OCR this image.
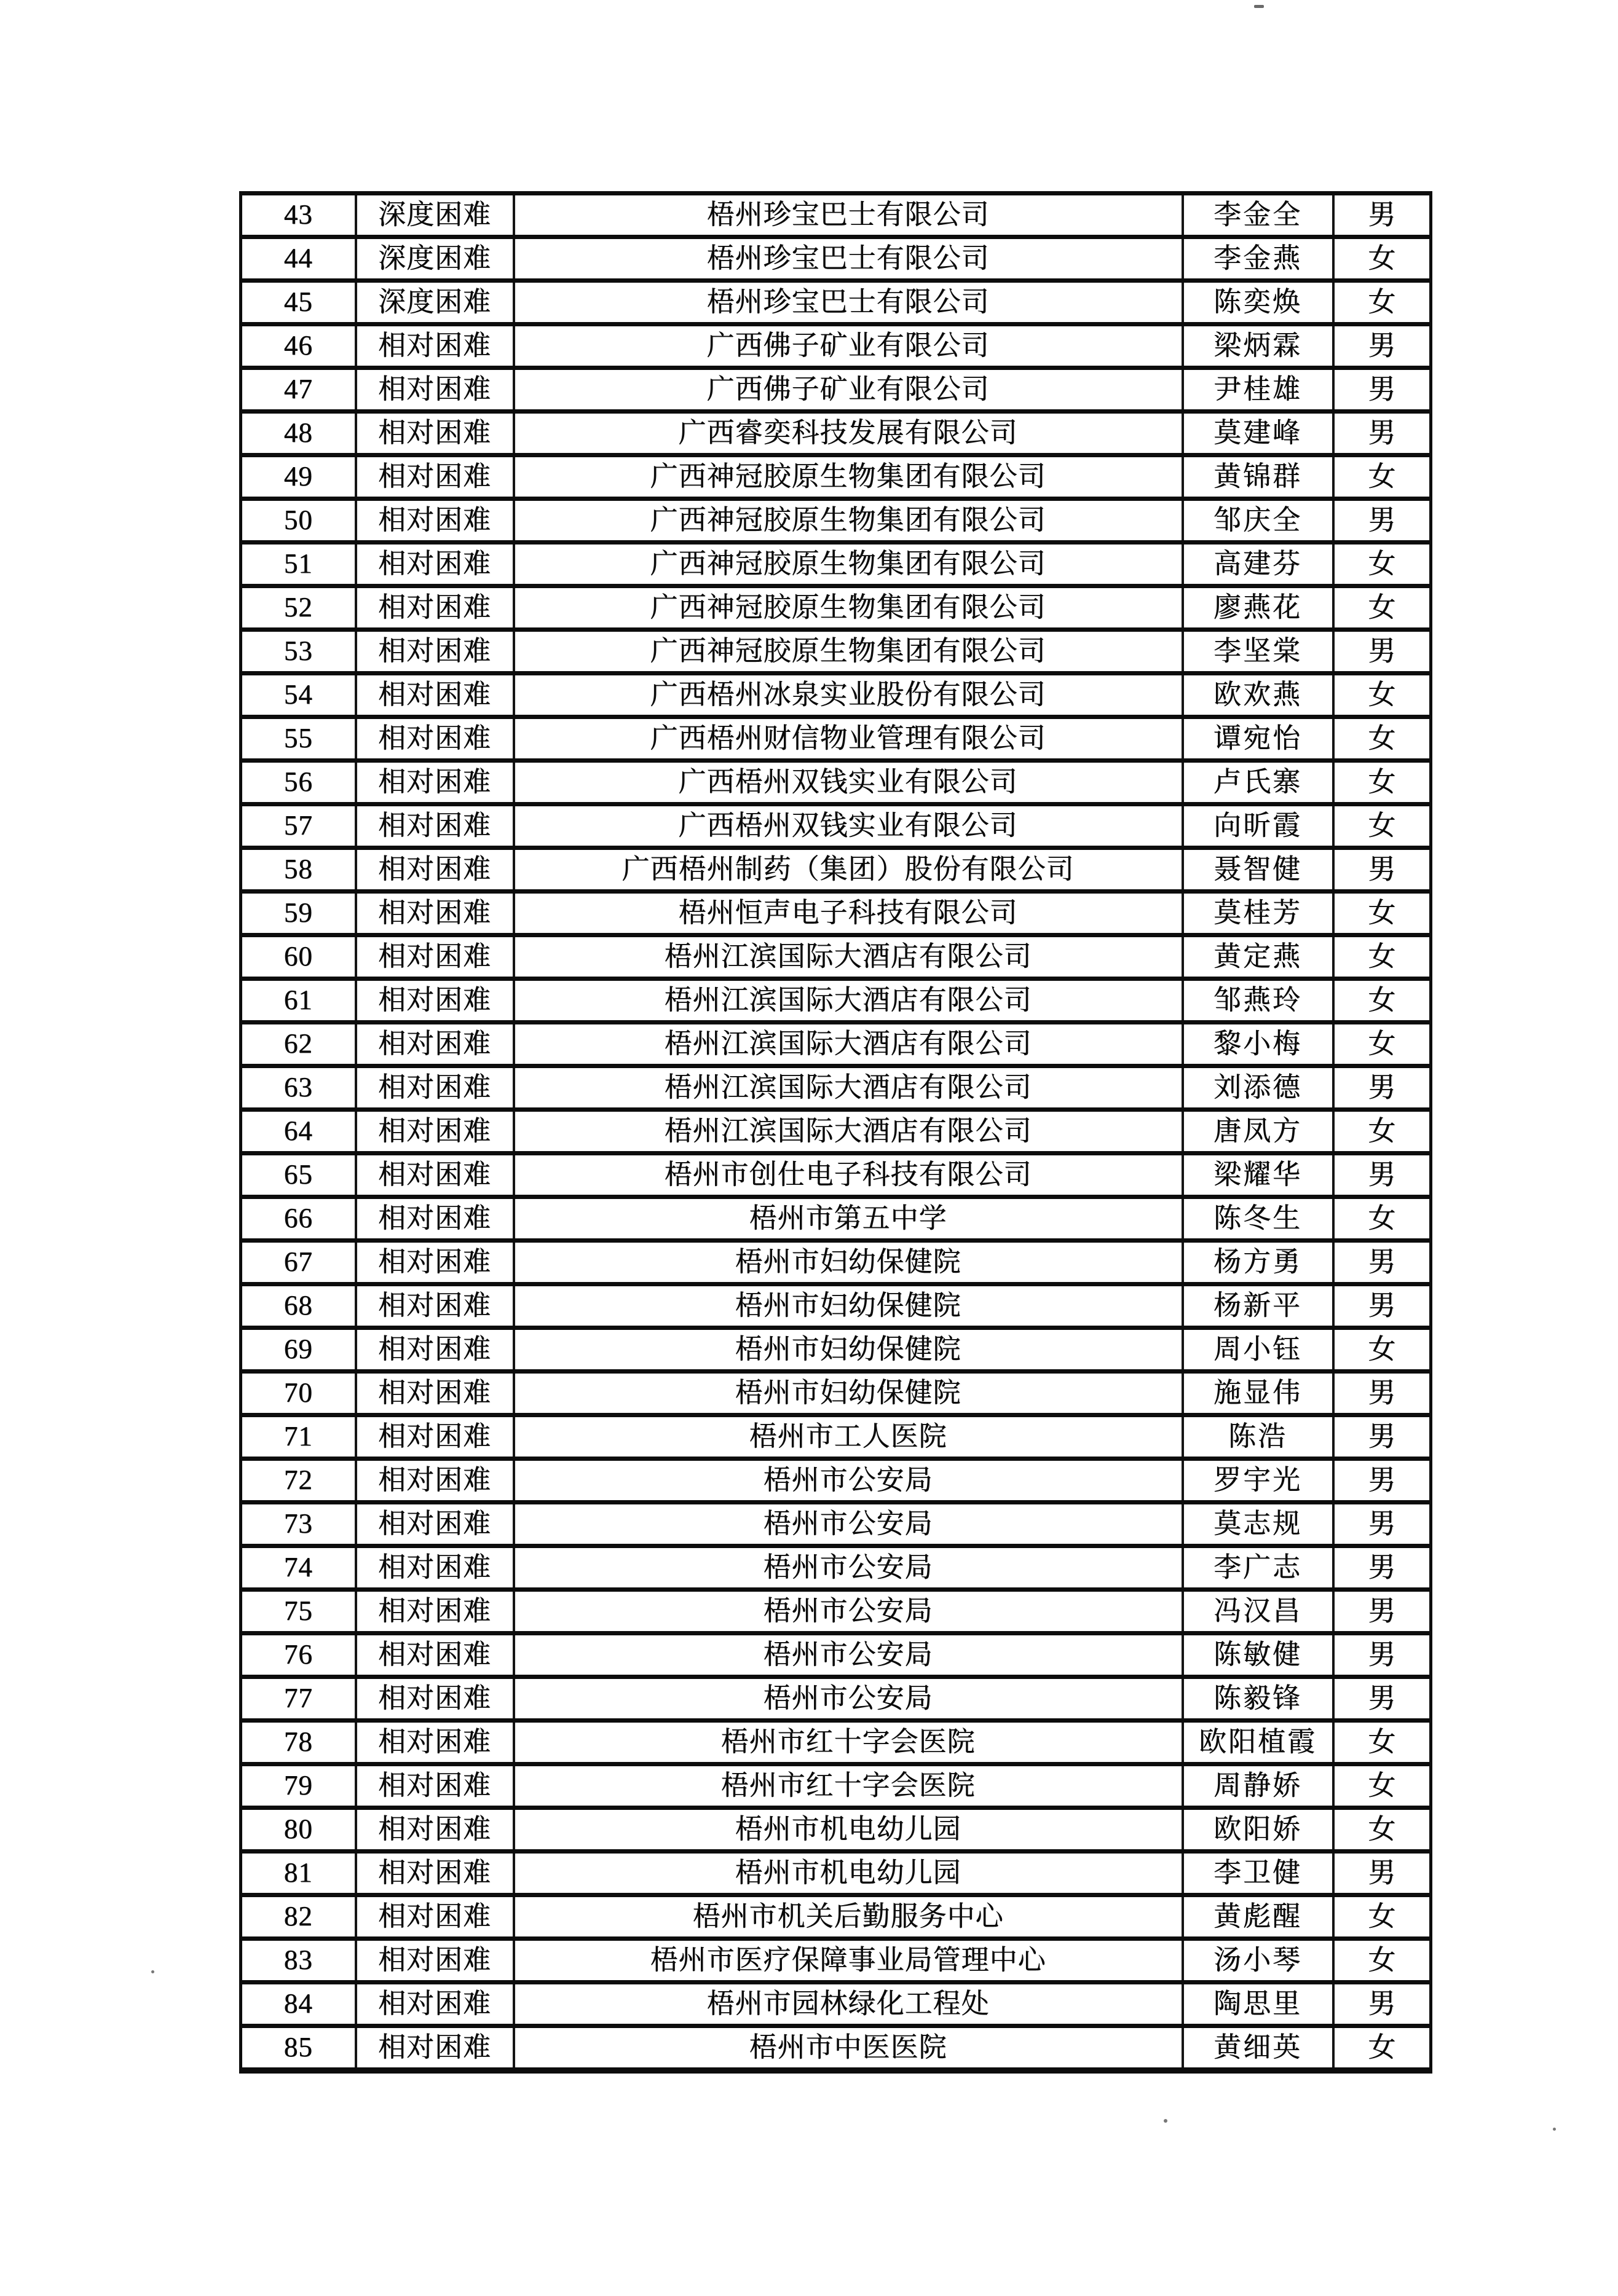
43	深度困难	梧州珍宝巴士有限公司	李金全	男
44	深度困难	梧州珍宝巴士有限公司	李金燕	女
45	深度困难	梧州珍宝巴士有限公司	陈奕焕	女
46	相对困难	广西佛子矿业有限公司	梁炳霖	男
47	相对困难	广西佛子矿业有限公司	尹桂雄	男
48	相对困难	广西睿奕科技发展有限公司	莫建峰	男
49	相对困难	广西神冠胶原生物集团有限公司	黄锦群	女
50	相对困难	广西神冠胶原生物集团有限公司	邹庆全	男
51	相对困难	广西神冠胶原生物集团有限公司	高建芬	女
52	相对困难	广西神冠胶原生物集团有限公司	廖燕花	女
53	相对困难	广西神冠胶原生物集团有限公司	李坚棠	男
54	相对困难	广西梧州冰泉实业股份有限公司	欧欢燕	女
55	相对困难	广西梧州财信物业管理有限公司	谭宛怡	女
56	相对困难	广西梧州双钱实业有限公司	卢氏寨	女
57	相对困难	广西梧州双钱实业有限公司	向昕霞	女
58	相对困难	广西梧州制药（集团）股份有限公司	聂智健	男
59	相对困难	梧州恒声电子科技有限公司	莫桂芳	女
60	相对困难	梧州江滨国际大酒店有限公司	黄定燕	女
61	相对困难	梧州江滨国际大酒店有限公司	邹燕玲	女
62	相对困难	梧州江滨国际大酒店有限公司	黎小梅	女
63	相对困难	梧州江滨国际大酒店有限公司	刘添德	男
64	相对困难	梧州江滨国际大酒店有限公司	唐凤方	女
65	相对困难	梧州市创仕电子科技有限公司	梁耀华	男
66	相对困难	梧州市第五中学	陈冬生	女
67	相对困难	梧州市妇幼保健院	杨方勇	男
68	相对困难	梧州市妇幼保健院	杨新平	男
69	相对困难	梧州市妇幼保健院	周小钰	女
70	相对困难	梧州市妇幼保健院	施显伟	男
71	相对困难	梧州市工人医院	陈浩	男
72	相对困难	梧州市公安局	罗宇光	男
73	相对困难	梧州市公安局	莫志规	男
74	相对困难	梧州市公安局	李广志	男
75	相对困难	梧州市公安局	冯汉昌	男
76	相对困难	梧州市公安局	陈敏健	男
77	相对困难	梧州市公安局	陈毅锋	男
78	相对困难	梧州市红十字会医院	欧阳植霞	女
79	相对困难	梧州市红十字会医院	周静娇	女
80	相对困难	梧州市机电幼儿园	欧阳娇	女
81	相对困难	梧州市机电幼儿园	李卫健	男
82	相对困难	梧州市机关后勤服务中心	黄彪醒	女
83	相对困难	梧州市医疗保障事业局管理中心	汤小琴	女
84	相对困难	梧州市园林绿化工程处	陶思里	男
85	相对困难	梧州市中医医院	黄细英	女
